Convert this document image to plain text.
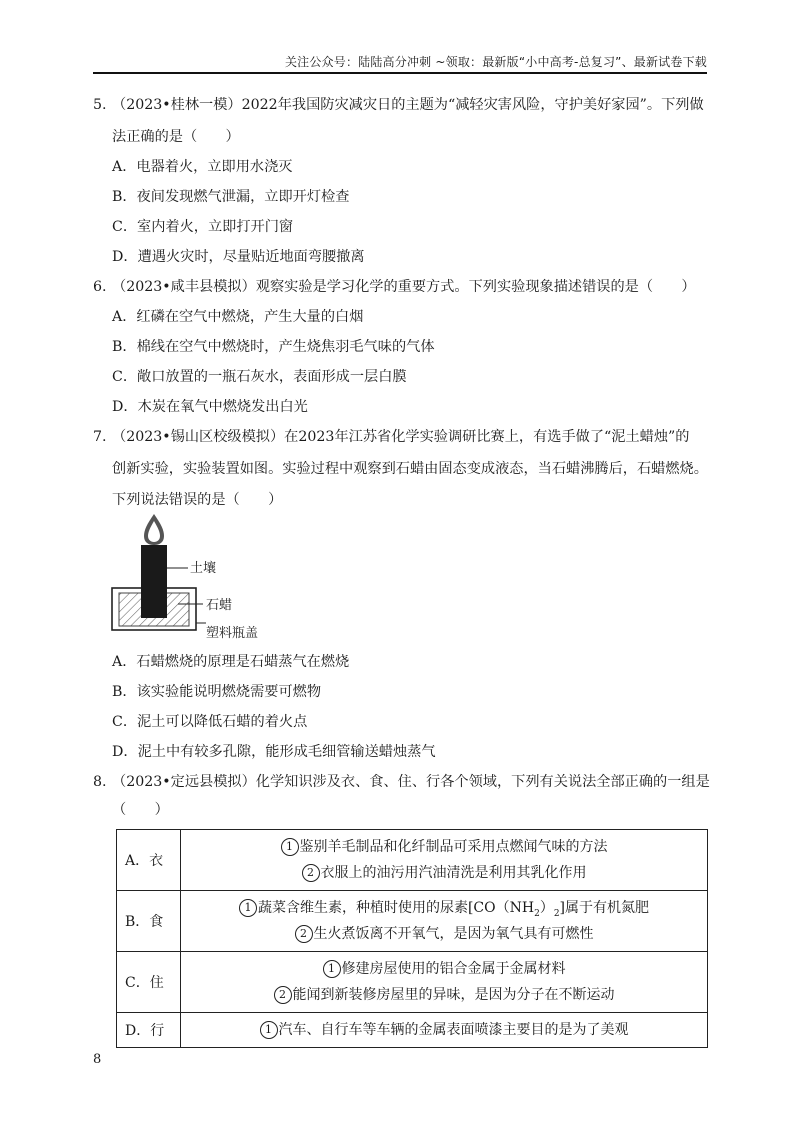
关注公众号：陆陆高分冲刺 ~领取：最新版“小中高考-总复习”、最新试卷下载
5. （2023•桂林一模）2022年我国防灾减灾日的主题为“减轻灾害风险，守护美好家园”。下列做
法正确的是（　　）
A．电器着火，立即用水浇灭
B．夜间发现燃气泄漏，立即开灯检查
C．室内着火，立即打开门窗
D．遭遇火灾时，尽量贴近地面弯腰撤离
6. （2023•咸丰县模拟）观察实验是学习化学的重要方式。下列实验现象描述错误的是（　　）
A．红磷在空气中燃烧，产生大量的白烟
B．棉线在空气中燃烧时，产生烧焦羽毛气味的气体
C．敞口放置的一瓶石灰水，表面形成一层白膜
D．木炭在氧气中燃烧发出白光
7. （2023•锡山区校级模拟）在2023年江苏省化学实验调研比赛上，有选手做了“泥土蜡烛”的
创新实验，实验装置如图。实验过程中观察到石蜡由固态变成液态，当石蜡沸腾后，石蜡燃烧。
下列说法错误的是（　　）
土壤
石蜡
塑料瓶盖
A．石蜡燃烧的原理是石蜡蒸气在燃烧
B．该实验能说明燃烧需要可燃物
C．泥土可以降低石蜡的着火点
D．泥土中有较多孔隙，能形成毛细管输送蜡烛蒸气
8. （2023•定远县模拟）化学知识涉及衣、食、住、行各个领域，下列有关说法全部正确的一组是
（　　）
A．衣	1 鉴别羊毛制品和化纤制品可采用点燃闻气味的方法
2 衣服上的油污用汽油清洗是利用其乳化作用

B．食	1 蔬菜含维生素，种植时使用的尿素$[CO(NH_2)_2]$属于有机氮肥
2 生火煮饭离不开氧气，是因为氧气具有可燃性

C．住	1 修建房屋使用的铝合金属于金属材料
2 能闻到新装修房屋里的异味，是因为分子在不断运动

D．行	1 汽车、自行车等车辆的金属表面喷漆主要目的是为了美观
8
